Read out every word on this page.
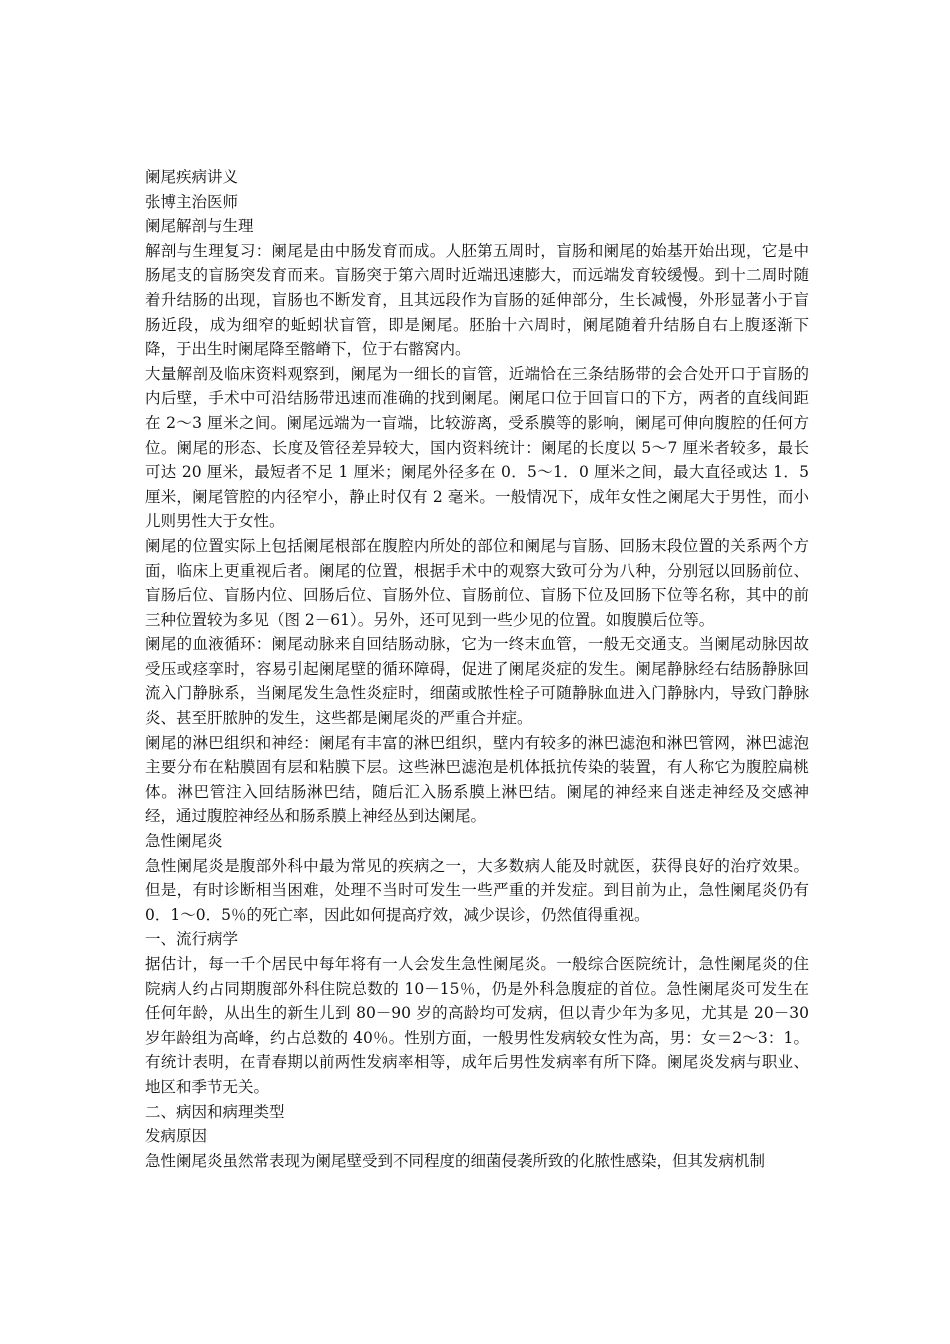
阑尾疾病讲义

张博主治医师

阑尾解剖与生理

解剖与生理复习：阑尾是由中肠发育而成。人胚第五周时，盲肠和阑尾的始基开始出现，它是中肠尾支的盲肠突发育而来。盲肠突于第六周时近端迅速膨大，而远端发育较缓慢。到十二周时随着升结肠的出现，盲肠也不断发育，且其远段作为盲肠的延伸部分，生长减慢，外形显著小于盲肠近段，成为细窄的蚯蚓状盲管，即是阑尾。胚胎十六周时，阑尾随着升结肠自右上腹逐渐下降，于出生时阑尾降至髂嵴下，位于右髂窝内。

大量解剖及临床资料观察到，阑尾为一细长的盲管，近端恰在三条结肠带的会合处开口于盲肠的内后壁，手术中可沿结肠带迅速而准确的找到阑尾。阑尾口位于回盲口的下方，两者的直线间距在 2～3 厘米之间。阑尾远端为一盲端，比较游离，受系膜等的影响，阑尾可伸向腹腔的任何方位。阑尾的形态、长度及管径差异较大，国内资料统计：阑尾的长度以 5～7 厘米者较多，最长可达 20 厘米，最短者不足 1 厘米；阑尾外径多在 0．5～1．0 厘米之间，最大直径或达 1．5 厘米，阑尾管腔的内径窄小，静止时仅有 2 毫米。一般情况下，成年女性之阑尾大于男性，而小儿则男性大于女性。

阑尾的位置实际上包括阑尾根部在腹腔内所处的部位和阑尾与盲肠、回肠末段位置的关系两个方面，临床上更重视后者。阑尾的位置，根据手术中的观察大致可分为八种，分别冠以回肠前位、盲肠后位、盲肠内位、回肠后位、盲肠外位、盲肠前位、盲肠下位及回肠下位等名称，其中的前三种位置较为多见（图 2－61）。另外，还可见到一些少见的位置。如腹膜后位等。

阑尾的血液循环：阑尾动脉来自回结肠动脉，它为一终末血管，一般无交通支。当阑尾动脉因故受压或痉挛时，容易引起阑尾壁的循环障碍，促进了阑尾炎症的发生。阑尾静脉经右结肠静脉回流入门静脉系，当阑尾发生急性炎症时，细菌或脓性栓子可随静脉血进入门静脉内，导致门静脉炎、甚至肝脓肿的发生，这些都是阑尾炎的严重合并症。

阑尾的淋巴组织和神经：阑尾有丰富的淋巴组织，壁内有较多的淋巴滤泡和淋巴管网，淋巴滤泡主要分布在粘膜固有层和粘膜下层。这些淋巴滤泡是机体抵抗传染的装置，有人称它为腹腔扁桃体。淋巴管注入回结肠淋巴结，随后汇入肠系膜上淋巴结。阑尾的神经来自迷走神经及交感神经，通过腹腔神经丛和肠系膜上神经丛到达阑尾。

急性阑尾炎

急性阑尾炎是腹部外科中最为常见的疾病之一，大多数病人能及时就医，获得良好的治疗效果。但是，有时诊断相当困难，处理不当时可发生一些严重的并发症。到目前为止，急性阑尾炎仍有 0．1～0．5％的死亡率，因此如何提高疗效，减少误诊，仍然值得重视。

一、流行病学

据估计，每一千个居民中每年将有一人会发生急性阑尾炎。一般综合医院统计，急性阑尾炎的住院病人约占同期腹部外科住院总数的 10－15％，仍是外科急腹症的首位。急性阑尾炎可发生在任何年龄，从出生的新生儿到 80－90 岁的高龄均可发病，但以青少年为多见，尤其是 20－30 岁年龄组为高峰，约占总数的 40％。性别方面，一般男性发病较女性为高，男：女＝2～3：1。有统计表明，在青春期以前两性发病率相等，成年后男性发病率有所下降。阑尾炎发病与职业、地区和季节无关。

二、病因和病理类型

发病原因

急性阑尾炎虽然常表现为阑尾壁受到不同程度的细菌侵袭所致的化脓性感染，但其发病机制
